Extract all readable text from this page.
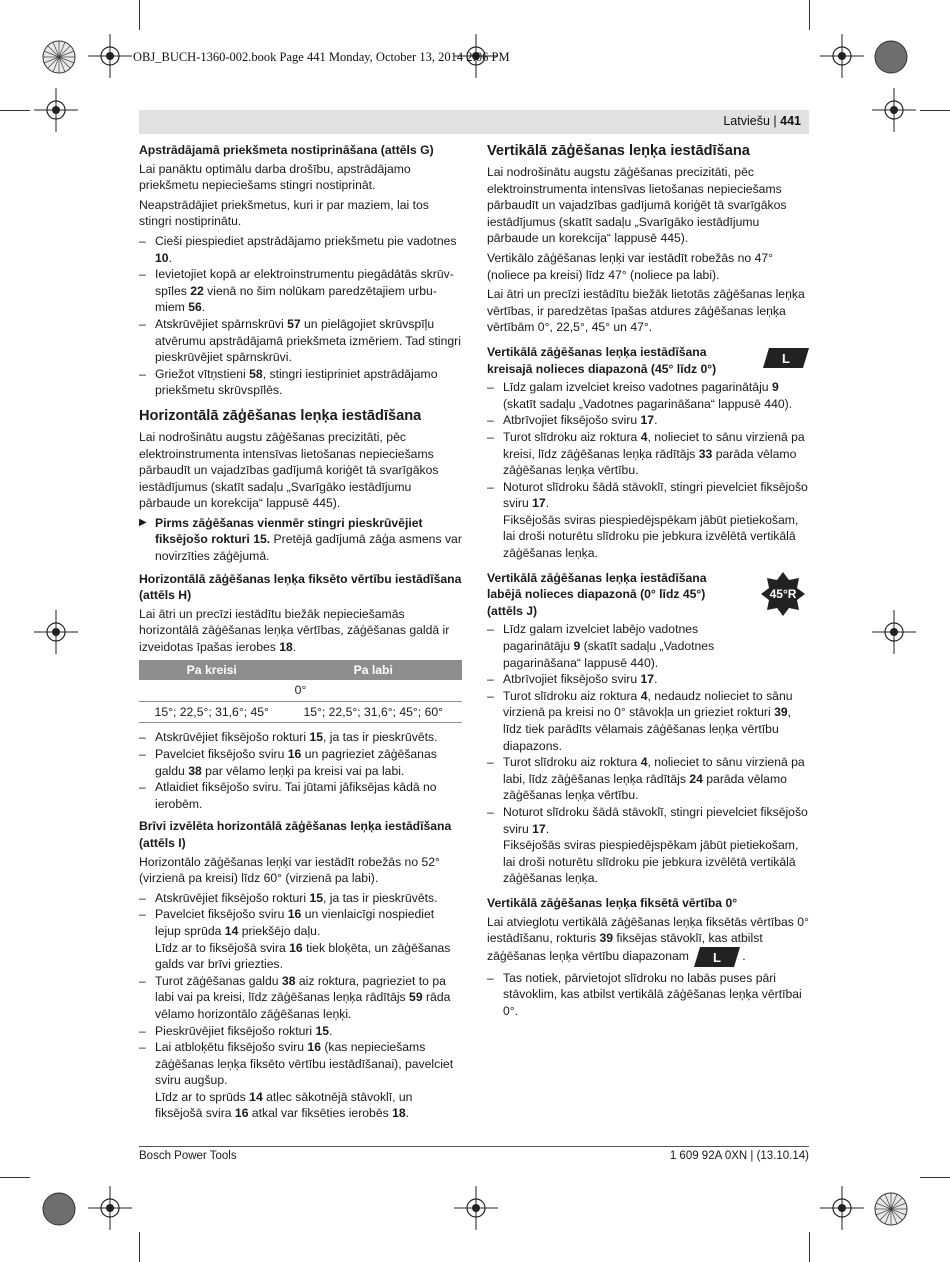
OBJ_BUCH-1360-002.book Page 441 Monday, October 13, 2014 2:06 PM
Latviešu | 441
Apstrādājamā priekšmeta nostiprināšana (attēls G)

Lai panāktu optimālu darba drošību, apstrādājamo priekšmetu nepieciešams stingri nostiprināt.

Neapstrādājiet priekšmetus, kuri ir par maziem, lai tos stingri nostiprinātu.

– Cieši piespiediet apstrādājamo priekšmetu pie vadotnes 10.
– Ievietojiet kopā ar elektroinstrumentu piegādātās skrūvspīles 22 vienā no šim nolūkam paredzētajiem urbumiem 56.
– Atskrūvējiet spārnskrūvi 57 un pielāgojiet skrūvspīļu atvērumu apstrādājamā priekšmeta izmēriem. Tad stingri pieskrūvējiet spārnskrūvi.
– Griežot vītņstieni 58, stingri iestipriniet apstrādājamo priekšmetu skrūvspīlēs.
Horizontālā zāģēšanas leņķa iestādīšana

Lai nodrošinātu augstu zāģēšanas precizitāti, pēc elektroinstrumenta intensīvas lietošanas nepieciešams pārbaudīt un vajadzības gadījumā koriģēt tā svarīgākos iestādījumus (skatīt sadaļu „Svarīgāko iestādījumu pārbaude un korekcija“ lappusē 445).

▶ Pirms zāģēšanas vienmēr stingri pieskrūvējiet fiksējošo rokturi 15. Pretējā gadījumā zāģa asmens var novirzīties zāģējumā.
Horizontālā zāģēšanas leņķa fiksēto vērtību iestādīšana (attēls H)

Lai ātri un precīzi iestādītu biežāk nepieciešamās horizontālā zāģēšanas leņķa vērtības, zāģēšanas galdā ir izveidotas īpašas ierobes 18.

Pa kreisi	Pa labi
0°	
15°; 22,5°; 31,6°; 45°	15°; 22,5°; 31,6°; 45°; 60°
– Atskrūvējiet fiksējošo rokturi 15, ja tas ir pieskrūvēts.
– Pavelciet fiksējošo sviru 16 un pagrieziet zāģēšanas galdu 38 par vēlamo leņķi pa kreisi vai pa labi.
– Atlaidiet fiksējošo sviru. Tai jūtami jāfiksējas kādā no ierobēm.
Brīvi izvēlēta horizontālā zāģēšanas leņķa iestādīšana (attēls I)

Horizontālo zāģēšanas leņķi var iestādīt robežās no 52° (virzienā pa kreisi) līdz 60° (virzienā pa labi).

– Atskrūvējiet fiksējošo rokturi 15, ja tas ir pieskrūvēts.
– Pavelciet fiksējošo sviru 16 un vienlaicīgi nospiediet lejup sprūda 14 priekšējo daļu.
Līdz ar to fiksējošā svira 16 tiek bloķēta, un zāģēšanas galds var brīvi griezties.
– Turot zāģēšanas galdu 38 aiz roktura, pagrieziet to pa labi vai pa kreisi, līdz zāģēšanas leņķa rādītājs 59 rāda vēlamo horizontālo zāģēšanas leņķi.
– Pieskrūvējiet fiksējošo rokturi 15.
– Lai atbloķētu fiksējošo sviru 16 (kas nepieciešams zāģēšanas leņķa fiksēto vērtību iestādīšanai), pavelciet sviru augšup.
Līdz ar to sprūds 14 atlec sākotnējā stāvoklī, un fiksējošā svira 16 atkal var fiksēties ierobēs 18.
Vertikālā zāģēšanas leņķa iestādīšana

Lai nodrošinātu augstu zāģēšanas precizitāti, pēc elektroinstrumenta intensīvas lietošanas nepieciešams pārbaudīt un vajadzības gadījumā koriģēt tā svarīgākos iestādījumus (skatīt sadaļu „Svarīgāko iestādījumu pārbaude un korekcija“ lappusē 445).

Vertikālo zāģēšanas leņķi var iestādīt robežās no 47° (noliece pa kreisi) līdz 47° (noliece pa labi).

Lai ātri un precīzi iestādītu biežāk lietotās zāģēšanas leņķa vērtības, ir paredzētas īpašas atdures zāģēšanas leņķa vērtībām 0°, 22,5°, 45° un 47°.

Vertikālā zāģēšanas leņķa iestādīšana kreisajā nolieces diapazonā (45° līdz 0°)
L
– Līdz galam izvelciet kreiso vadotnes pagarinātāju 9 (skatīt sadaļu „Vadotnes pagarināšana“ lappusē 440).
– Atbrīvojiet fiksējošo sviru 17.
– Turot slīdroku aiz roktura 4, nolieciet to sānu virzienā pa kreisi, līdz zāģēšanas leņķa rādītājs 33 parāda vēlamo zāģēšanas leņķa vērtību.
– Noturot slīdroku šādā stāvoklī, stingri pievelciet fiksējošo sviru 17.
Fiksējošās sviras piespiedējspēkam jābūt pietiekošam, lai droši noturētu slīdroku pie jebkura izvēlētā vertikālā zāģēšanas leņķa.
Vertikālā zāģēšanas leņķa iestādīšana labējā nolieces diapazonā (0° līdz 45°) (attēls J)
45°R
– Līdz galam izvelciet labējo vadotnes pagarinātāju 9 (skatīt sadaļu „Vadotnes pagarināšana“ lappusē 440).
– Atbrīvojiet fiksējošo sviru 17.
– Turot slīdroku aiz roktura 4, nedaudz nolieciet to sānu virzienā pa kreisi no 0° stāvokļa un grieziet rokturi 39, līdz tiek parādīts vēlamais zāģēšanas leņķa vērtību diapazons.
– Turot slīdroku aiz roktura 4, nolieciet to sānu virzienā pa labi, līdz zāģēšanas leņķa rādītājs 24 parāda vēlamo zāģēšanas leņķa vērtību.
– Noturot slīdroku šādā stāvoklī, stingri pievelciet fiksējošo sviru 17.
Fiksējošās sviras piespiedējspēkam jābūt pietiekošam, lai droši noturētu slīdroku pie jebkura izvēlētā vertikālā zāģēšanas leņķa.
Vertikālā zāģēšanas leņķa fiksētā vērtība 0°

Lai atvieglotu vertikālā zāģēšanas leņķa fiksētās vērtības 0° iestādīšanu, rokturis 39 fiksējas stāvoklī, kas atbilst zāģēšanas leņķa vērtību diapazonam L .

– Tas notiek, pārvietojot slīdroku no labās puses pāri stāvoklim, kas atbilst vertikālā zāģēšanas leņķa vērtībai 0°.
Bosch Power Tools	1 609 92A 0XN | (13.10.14)
